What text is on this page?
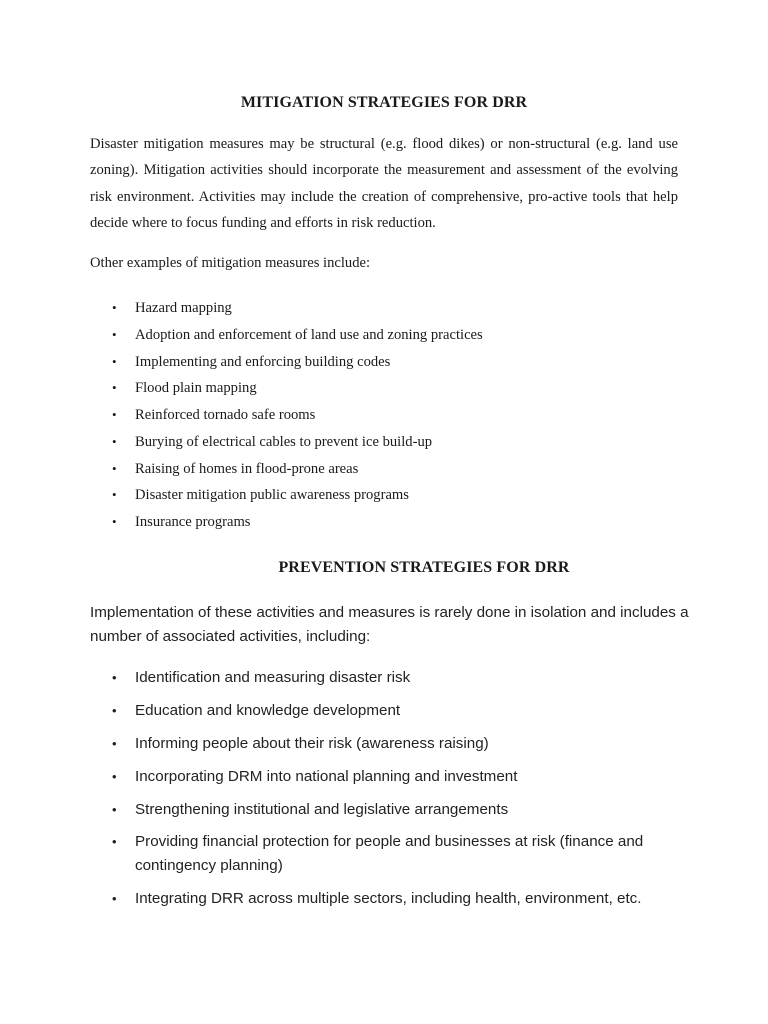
MITIGATION STRATEGIES FOR DRR
Disaster mitigation measures may be structural (e.g. flood dikes) or non-structural (e.g. land use zoning). Mitigation activities should incorporate the measurement and assessment of the evolving risk environment. Activities may include the creation of comprehensive, pro-active tools that help decide where to focus funding and efforts in risk reduction.
Other examples of mitigation measures include:
• Hazard mapping
• Adoption and enforcement of land use and zoning practices
• Implementing and enforcing building codes
• Flood plain mapping
• Reinforced tornado safe rooms
• Burying of electrical cables to prevent ice build-up
• Raising of homes in flood-prone areas
• Disaster mitigation public awareness programs
• Insurance programs
PREVENTION STRATEGIES FOR DRR
Implementation of these activities and measures is rarely done in isolation and includes a number of associated activities, including:
• Identification and measuring disaster risk
• Education and knowledge development
• Informing people about their risk (awareness raising)
• Incorporating DRM into national planning and investment
• Strengthening institutional and legislative arrangements
• Providing financial protection for people and businesses at risk (finance and contingency planning)
• Integrating DRR across multiple sectors, including health, environment, etc.
